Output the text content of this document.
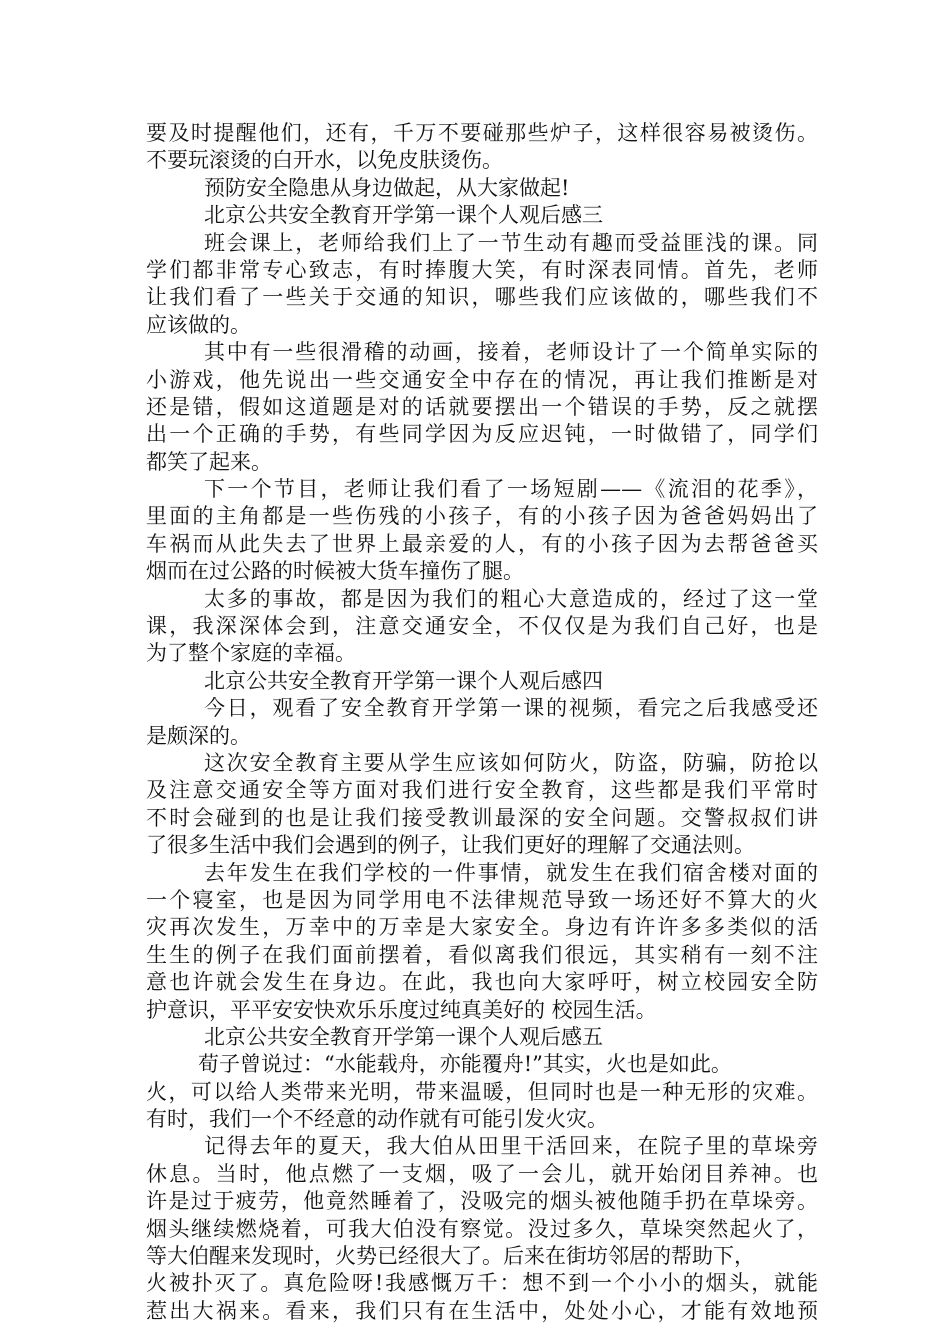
要及时提醒他们，还有，千万不要碰那些炉子，这样很容易被烫伤。
不要玩滚烫的白开水，以免皮肤烫伤。
预防安全隐患从身边做起，从大家做起!
北京公共安全教育开学第一课个人观后感三
班会课上，老师给我们上了一节生动有趣而受益匪浅的课。同
学们都非常专心致志，有时捧腹大笑，有时深表同情。首先，老师
让我们看了一些关于交通的知识，哪些我们应该做的，哪些我们不
应该做的。
其中有一些很滑稽的动画，接着，老师设计了一个简单实际的
小游戏，他先说出一些交通安全中存在的情况，再让我们推断是对
还是错，假如这道题是对的话就要摆出一个错误的手势，反之就摆
出一个正确的手势，有些同学因为反应迟钝，一时做错了，同学们
都笑了起来。
下一个节目，老师让我们看了一场短剧——《流泪的花季》，
里面的主角都是一些伤残的小孩子，有的小孩子因为爸爸妈妈出了
车祸而从此失去了世界上最亲爱的人，有的小孩子因为去帮爸爸买
烟而在过公路的时候被大货车撞伤了腿。
太多的事故，都是因为我们的粗心大意造成的，经过了这一堂
课，我深深体会到，注意交通安全，不仅仅是为我们自己好，也是
为了整个家庭的幸福。
北京公共安全教育开学第一课个人观后感四
今日，观看了安全教育开学第一课的视频，看完之后我感受还
是颇深的。
这次安全教育主要从学生应该如何防火，防盗，防骗，防抢以
及注意交通安全等方面对我们进行安全教育，这些都是我们平常时
不时会碰到的也是让我们接受教训最深的安全问题。交警叔叔们讲
了很多生活中我们会遇到的例子，让我们更好的理解了交通法则。
去年发生在我们学校的一件事情，就发生在我们宿舍楼对面的
一个寝室，也是因为同学用电不法律规范导致一场还好不算大的火
灾再次发生，万幸中的万幸是大家安全。身边有许许多多类似的活
生生的例子在我们面前摆着，看似离我们很远，其实稍有一刻不注
意也许就会发生在身边。在此，我也向大家呼吁，树立校园安全防
护意识，平平安安快欢乐乐度过纯真美好的 校园生活。
北京公共安全教育开学第一课个人观后感五
荀子曾说过：“水能载舟，亦能覆舟!”其实，火也是如此。
火，可以给人类带来光明，带来温暖，但同时也是一种无形的灾难。
有时，我们一个不经意的动作就有可能引发火灾。
记得去年的夏天，我大伯从田里干活回来，在院子里的草垛旁
休息。当时，他点燃了一支烟，吸了一会儿，就开始闭目养神。也
许是过于疲劳，他竟然睡着了，没吸完的烟头被他随手扔在草垛旁。
烟头继续燃烧着，可我大伯没有察觉。没过多久，草垛突然起火了，
等大伯醒来发现时，火势已经很大了。后来在街坊邻居的帮助下，
火被扑灭了。真危险呀!我感慨万千：想不到一个小小的烟头，就能
惹出大祸来。看来，我们只有在生活中，处处小心，才能有效地预
